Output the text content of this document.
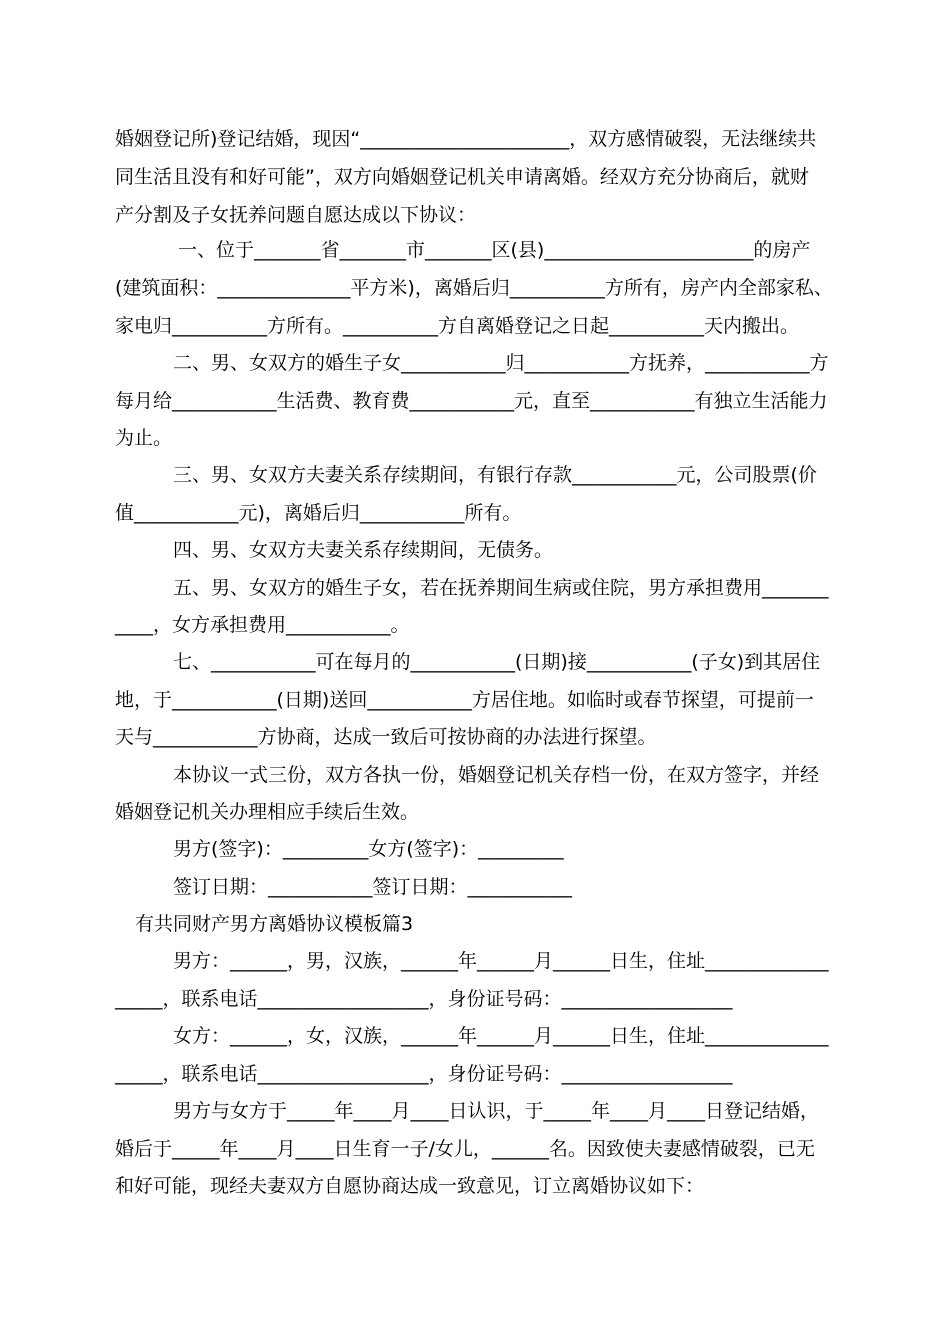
婚姻登记所)登记结婚，现因“______________________，双方感情破裂，无法继续共
同生活且没有和好可能”，双方向婚姻登记机关申请离婚。经双方充分协商后，就财
产分割及子女抚养问题自愿达成以下协议：
一、位于_______省_______市_______区(县)______________________的房产
(建筑面积：______________平方米)，离婚后归__________方所有，房产内全部家私、
家电归__________方所有。__________方自离婚登记之日起__________天内搬出。
二、男、女双方的婚生子女___________归___________方抚养，___________方
每月给___________生活费、教育费___________元，直至___________有独立生活能力
为止。
三、男、女双方夫妻关系存续期间，有银行存款___________元，公司股票(价
值___________元)，离婚后归___________所有。
四、男、女双方夫妻关系存续期间，无债务。
五、男、女双方的婚生子女，若在抚养期间生病或住院，男方承担费用_______
____，女方承担费用___________。
七、___________可在每月的___________(日期)接___________(子女)到其居住
地，于___________(日期)送回___________方居住地。如临时或春节探望，可提前一
天与___________方协商，达成一致后可按协商的办法进行探望。
本协议一式三份，双方各执一份，婚姻登记机关存档一份，在双方签字，并经
婚姻登记机关办理相应手续后生效。
男方(签字)：_________女方(签字)：_________
签订日期：___________签订日期：___________
有共同财产男方离婚协议模板篇3
男方：______，男，汉族，______年______月______日生，住址_____________
_____，联系电话__________________，身份证号码：__________________
女方：______，女，汉族，______年______月______日生，住址_____________
_____，联系电话__________________，身份证号码：__________________
男方与女方于_____年____月____日认识，于_____年____月____日登记结婚，
婚后于_____年____月____日生育一子/女儿，______名。因致使夫妻感情破裂，已无
和好可能，现经夫妻双方自愿协商达成一致意见，订立离婚协议如下：
